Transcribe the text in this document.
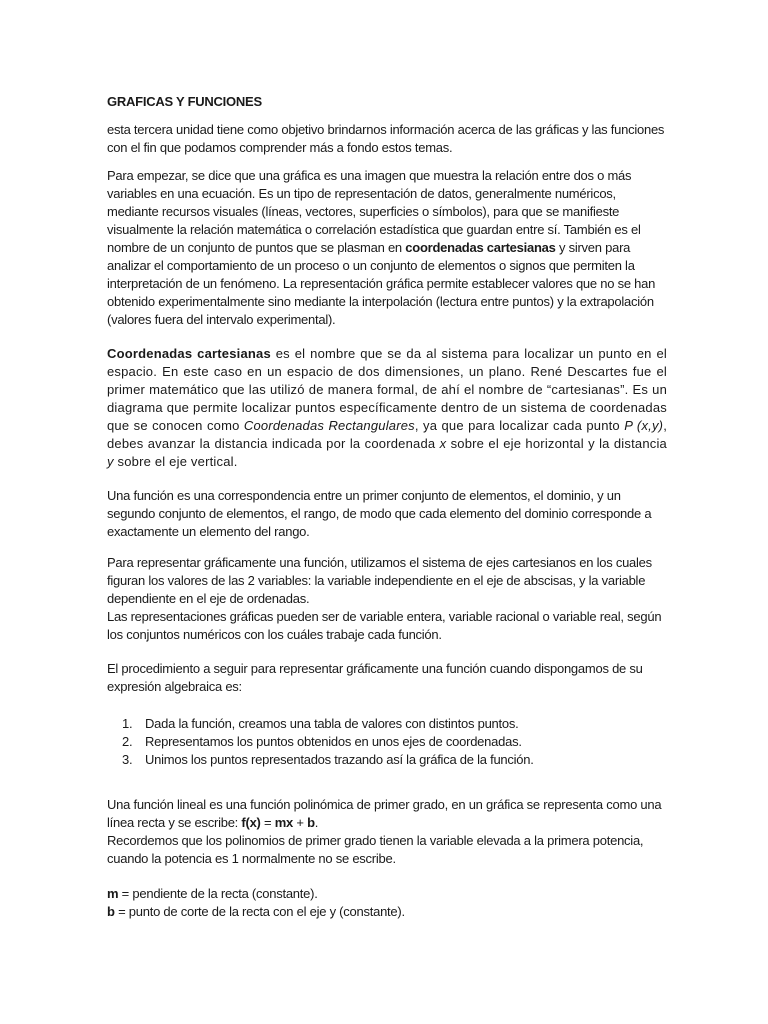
GRAFICAS Y FUNCIONES

esta tercera unidad tiene como objetivo brindarnos información acerca de las gráficas y las funciones con el fin que podamos comprender más a fondo estos temas.

Para empezar, se dice que una gráfica es una imagen que muestra la relación entre dos o más variables en una ecuación. Es un tipo de representación de datos, generalmente numéricos, mediante recursos visuales (líneas, vectores, superficies o símbolos), para que se manifieste visualmente la relación matemática o correlación estadística que guardan entre sí. También es el nombre de un conjunto de puntos que se plasman en coordenadas cartesianas y sirven para analizar el comportamiento de un proceso o un conjunto de elementos o signos que permiten la interpretación de un fenómeno. La representación gráfica permite establecer valores que no se han obtenido experimentalmente sino mediante la interpolación (lectura entre puntos) y la extrapolación (valores fuera del intervalo experimental).

Coordenadas cartesianas es el nombre que se da al sistema para localizar un punto en el espacio. En este caso en un espacio de dos dimensiones, un plano. René Descartes fue el primer matemático que las utilizó de manera formal, de ahí el nombre de “cartesianas”. Es un diagrama que permite localizar puntos específicamente dentro de un sistema de coordenadas que se conocen como Coordenadas Rectangulares, ya que para localizar cada punto P (x,y), debes avanzar la distancia indicada por la coordenada x sobre el eje horizontal y la distancia y sobre el eje vertical.

Una función es una correspondencia entre un primer conjunto de elementos, el dominio, y un segundo conjunto de elementos, el rango, de modo que cada elemento del dominio corresponde a exactamente un elemento del rango.

Para representar gráficamente una función, utilizamos el sistema de ejes cartesianos en los cuales figuran los valores de las 2 variables: la variable independiente en el eje de abscisas, y la variable dependiente en el eje de ordenadas.

Las representaciones gráficas pueden ser de variable entera, variable racional o variable real, según los conjuntos numéricos con los cuáles trabaje cada función.

El procedimiento a seguir para representar gráficamente una función cuando dispongamos de su expresión algebraica es:

1. Dada la función, creamos una tabla de valores con distintos puntos.
2. Representamos los puntos obtenidos en unos ejes de coordenadas.
3. Unimos los puntos representados trazando así la gráfica de la función.

Una función lineal es una función polinómica de primer grado, en un gráfica se representa como una línea recta y se escribe: f(x) = mx + b.

Recordemos que los polinomios de primer grado tienen la variable elevada a la primera potencia, cuando la potencia es 1 normalmente no se escribe.

m = pendiente de la recta (constante).

b = punto de corte de la recta con el eje y (constante).
